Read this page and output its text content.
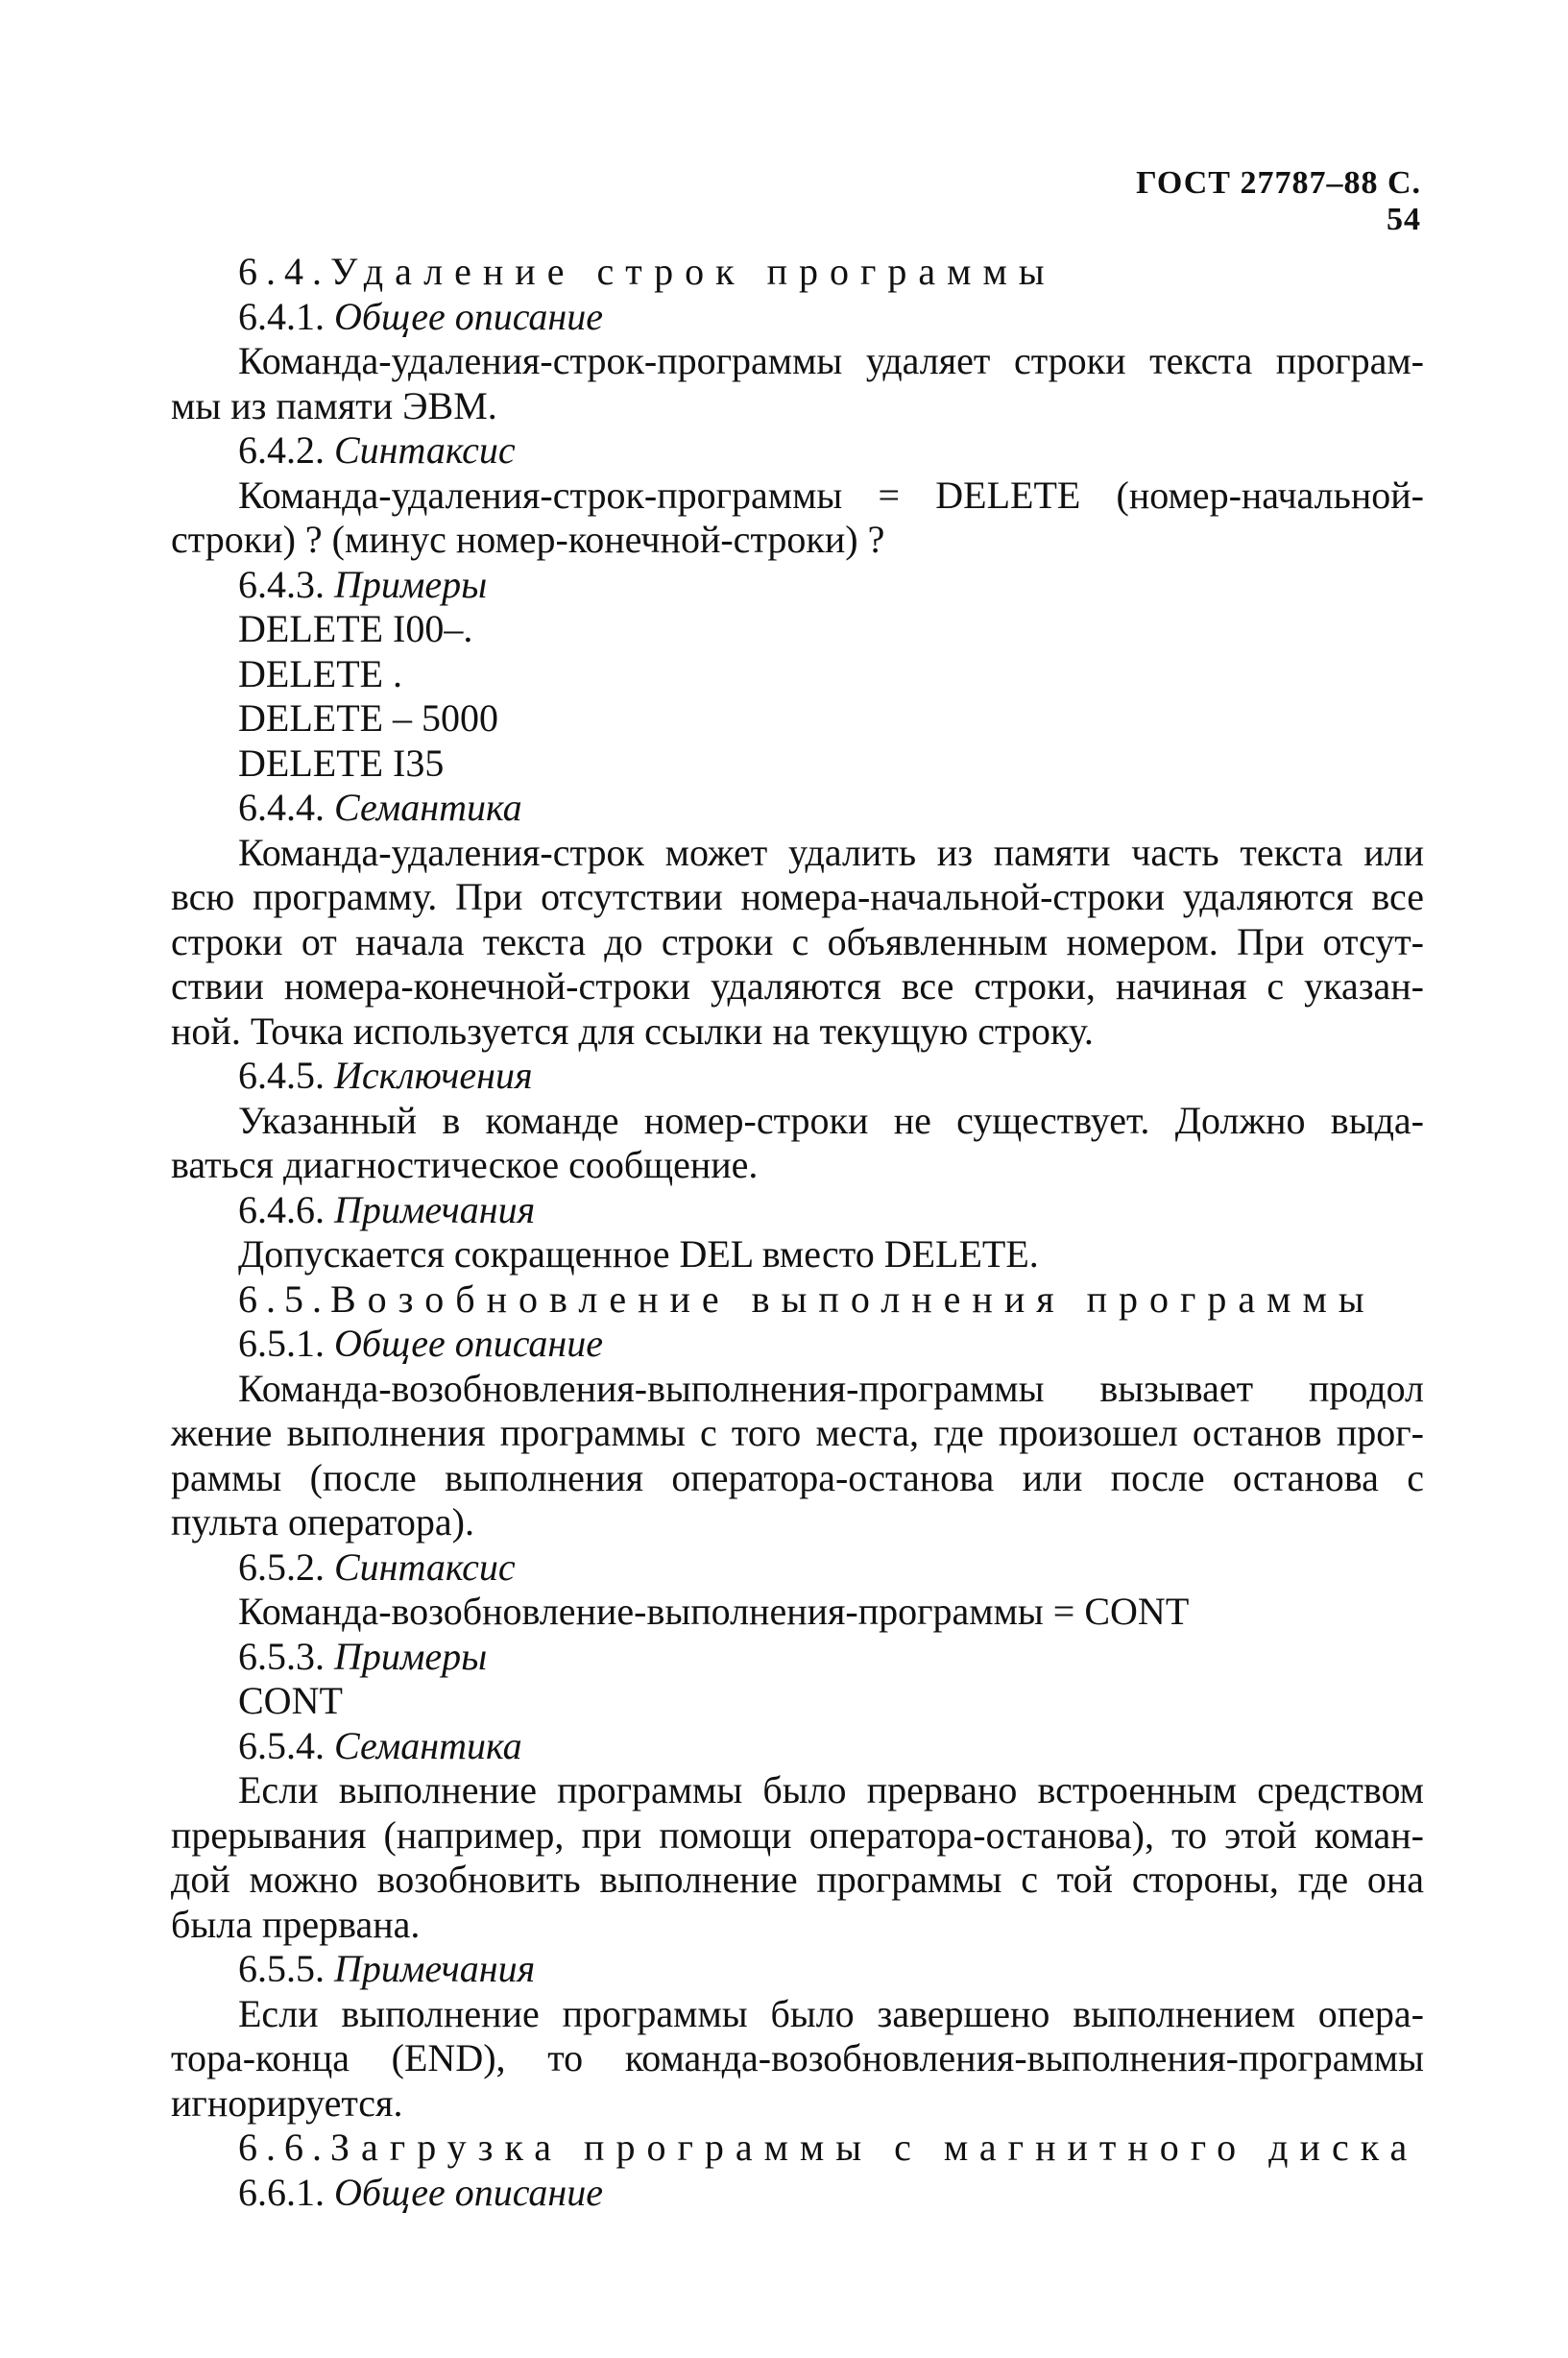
ГОСТ 27787–88 С. 54
6.4.Удаление строк программы
6.4.1. Общее описание
Команда-удаления-строк-программы удаляет строки текста програм-
мы из памяти ЭВМ.
6.4.2. Синтаксис
Команда-удаления-строк-программы = DELETE (номер-начальной-
строки) ? (минус номер-конечной-строки) ?
6.4.3. Примеры
DELETE I00–.
DELETE .
DELETE – 5000
DELETE I35
6.4.4. Семантика
Команда-удаления-строк может удалить из памяти часть текста или
всю программу. При отсутствии номера-начальной-строки удаляются все
строки от начала текста до строки с объявленным номером. При отсут-
ствии номера-конечной-строки удаляются все строки, начиная с указан-
ной. Точка используется для ссылки на текущую строку.
6.4.5. Исключения
Указанный в команде номер-строки не существует. Должно выда-
ваться диагностическое сообщение.
6.4.6. Примечания
Допускается сокращенное DEL вместо DELETE.
6.5.Возобновление выполнения программы
6.5.1. Общее описание
Команда-возобновления-выполнения-программы вызывает продол
жение выполнения программы с того места, где произошел останов прог-
раммы (после выполнения оператора-останова или после останова с
пульта оператора).
6.5.2. Синтаксис
Команда-возобновление-выполнения-программы = CONT
6.5.3. Примеры
CONT
6.5.4. Семантика
Если выполнение программы было прервано встроенным средством
прерывания (например, при помощи оператора-останова), то этой коман-
дой можно возобновить выполнение программы с той стороны, где она
была прервана.
6.5.5. Примечания
Если выполнение программы было завершено выполнением опера-
тора-конца (END), то команда-возобновления-выполнения-программы
игнорируется.
6.6.Загрузка программы с магнитного диска
6.6.1. Общее описание
